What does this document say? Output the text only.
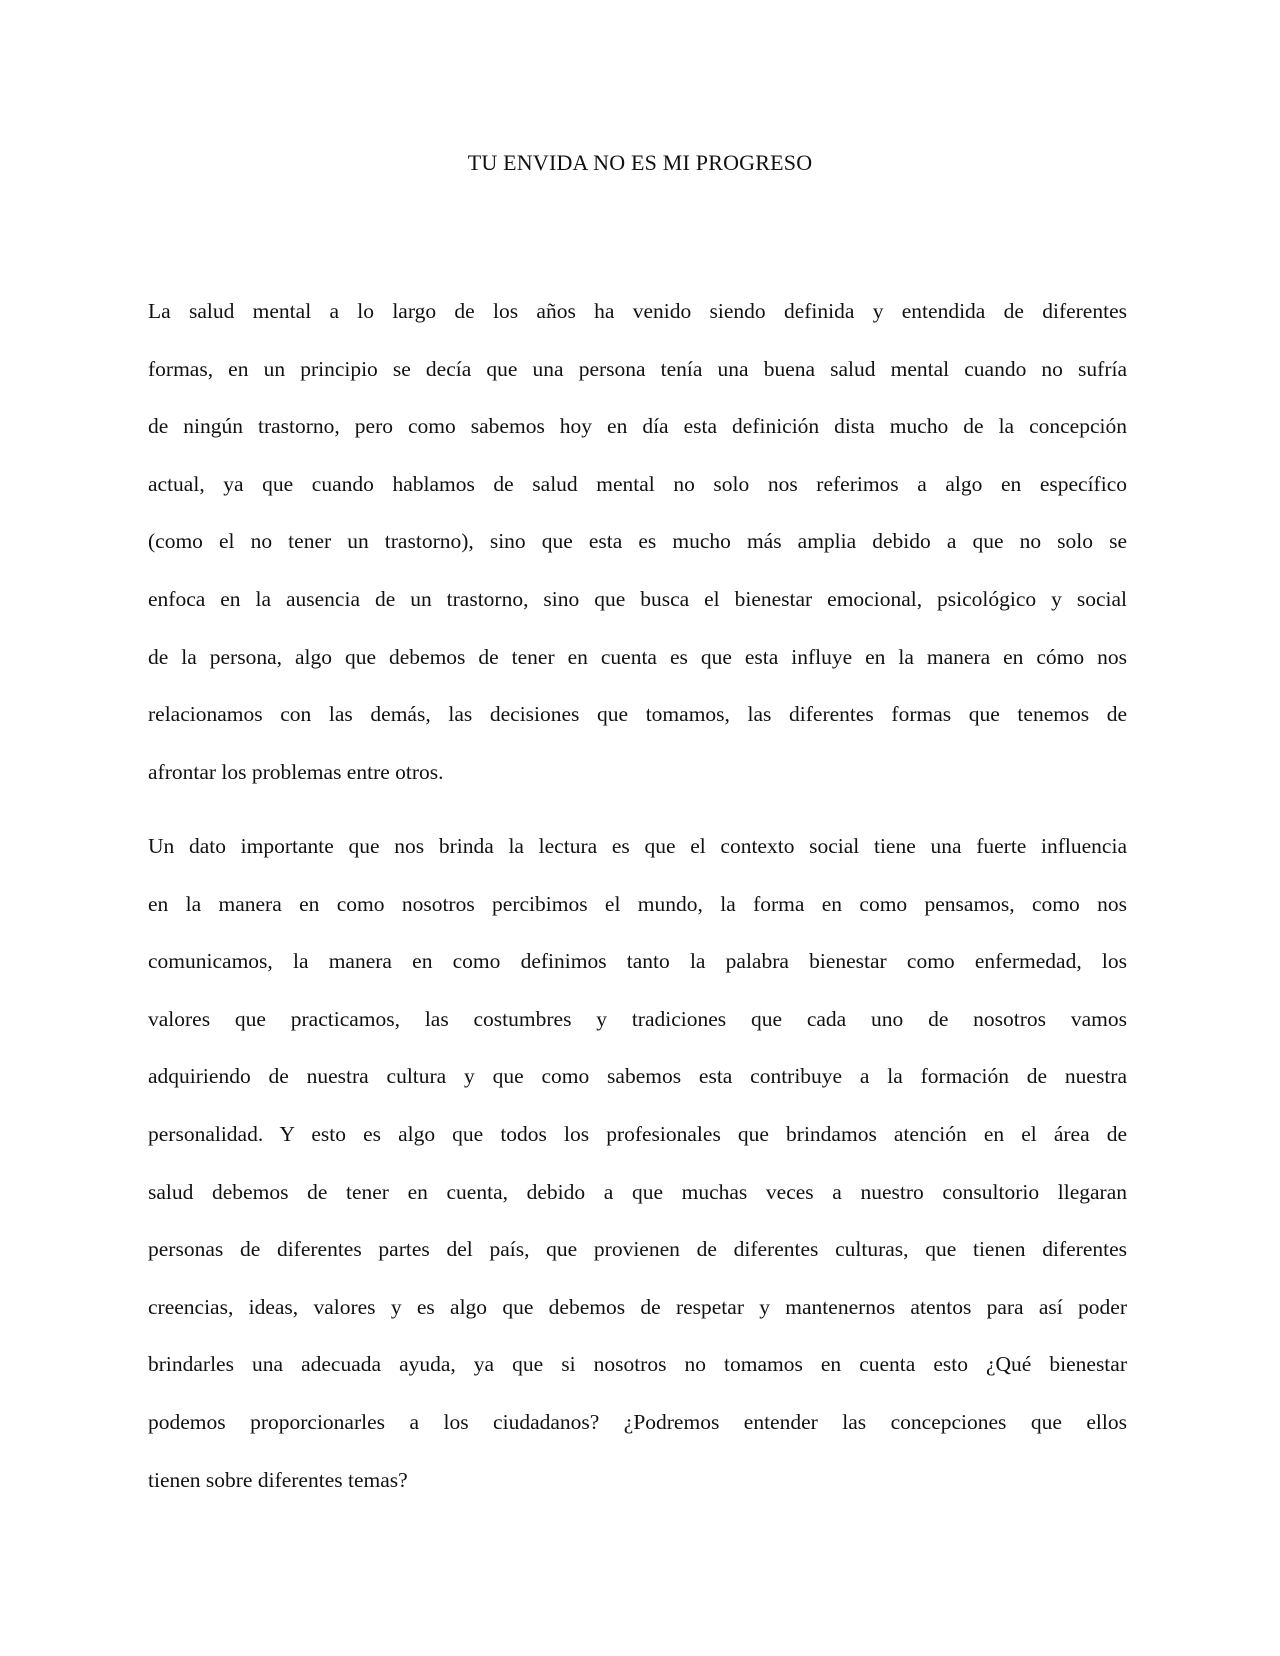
TU ENVIDA NO ES MI PROGRESO
La salud mental a lo largo de los años ha venido siendo definida y entendida de diferentes
formas, en un principio se decía que una persona tenía una buena salud mental cuando no sufría
de ningún trastorno, pero como sabemos hoy en día esta definición dista mucho de la concepción
actual, ya que cuando hablamos de salud mental no solo nos referimos a algo en específico
(como el no tener un trastorno), sino que esta es mucho más amplia debido a que no solo se
enfoca en la ausencia de un trastorno, sino que busca el bienestar emocional, psicológico y social
de la persona, algo que debemos de tener en cuenta es que esta influye en la manera en cómo nos
relacionamos con las demás, las decisiones que tomamos, las diferentes formas que tenemos de
afrontar los problemas entre otros.
Un dato importante que nos brinda la lectura es que el contexto social tiene una fuerte influencia
en la manera en como nosotros percibimos el mundo, la forma en como pensamos, como nos
comunicamos, la manera en como definimos tanto la palabra bienestar como enfermedad, los
valores que practicamos, las costumbres y tradiciones que cada uno de nosotros vamos
adquiriendo de nuestra cultura y que como sabemos esta contribuye a la formación de nuestra
personalidad. Y esto es algo que todos los profesionales que brindamos atención en el área de
salud debemos de tener en cuenta, debido a que muchas veces a nuestro consultorio llegaran
personas de diferentes partes del país, que provienen de diferentes culturas, que tienen diferentes
creencias, ideas, valores y es algo que debemos de respetar y mantenernos atentos para así poder
brindarles una adecuada ayuda, ya que si nosotros no tomamos en cuenta esto ¿Qué bienestar
podemos proporcionarles a los ciudadanos? ¿Podremos entender las concepciones que ellos
tienen sobre diferentes temas?
